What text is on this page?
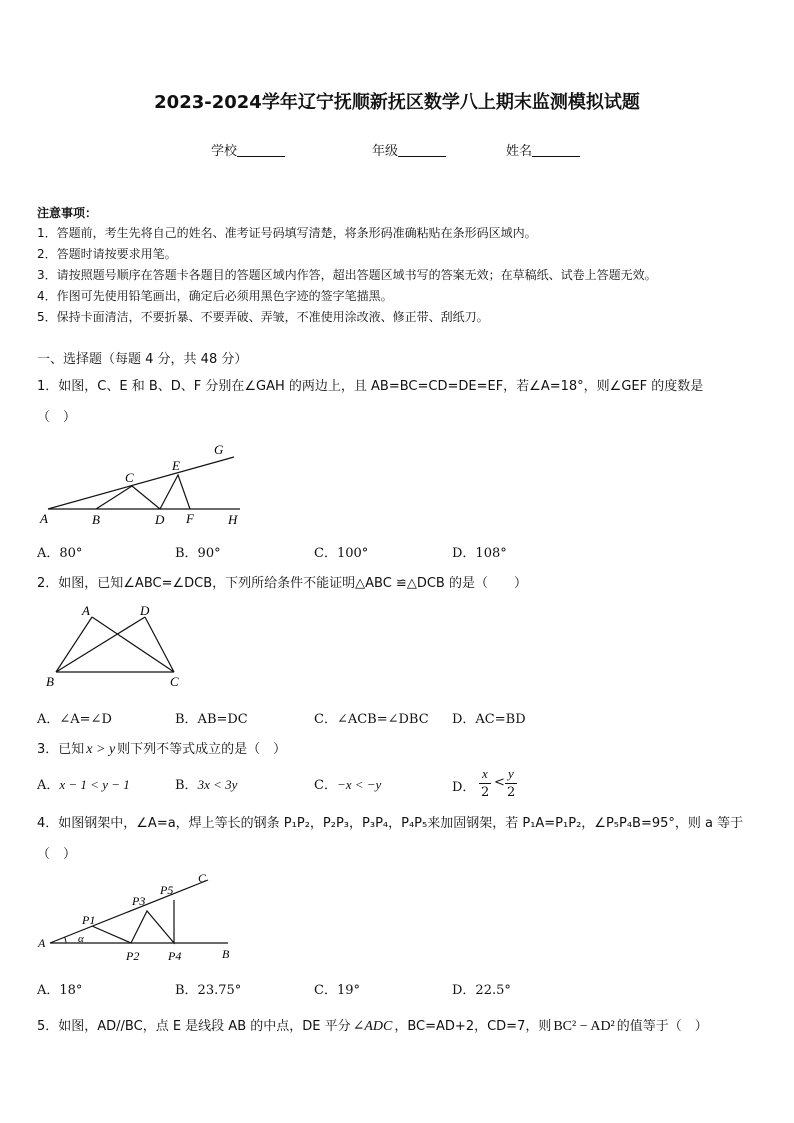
2023-2024学年辽宁抚顺新抚区数学八上期末监测模拟试题
学校	年级	姓名
注意事项：
1．答题前，考生先将自己的姓名、准考证号码填写清楚，将条形码准确粘贴在条形码区域内。
2．答题时请按要求用笔。
3．请按照题号顺序在答题卡各题目的答题区域内作答，超出答题区域书写的答案无效；在草稿纸、试卷上答题无效。
4．作图可先使用铅笔画出，确定后必须用黑色字迹的签字笔描黑。
5．保持卡面清洁，不要折暴、不要弄破、弄皱，不准使用涂改液、修正带、刮纸刀。
一、选择题（每题 4 分，共 48 分）
1．如图，C、E 和 B、D、F 分别在∠GAH 的两边上，且 AB=BC=CD=DE=EF，若∠A=18°，则∠GEF 的度数是
（　）
A	B
C
D
E
F
G
H
A．80°	B．90°	C．100°	D．108°
2．如图，已知∠ABC=∠DCB，下列所给条件不能证明△ABC ≌△DCB 的是（　　）
A	D
B	C
A．∠A=∠D	B．AB=DC	C．∠ACB=∠DBC D．AC=BD
3．已知 x > y 则下列不等式成立的是（　）
A．x − 1 < y − 1	B．3x < 3y	C．−x < −y	D．
x
2
<
y
2
4．如图钢架中，∠A=a，焊上等长的钢条 P₁P₂，P₂P₃，P₃P₄，P₄P₅来加固钢架，若 P₁A=P₁P₂，∠P₅P₄B=95°，则 a 等于
（　）
A
B
C
α
P1
P2
P3
P4
P5
A．18°	B．23.75°	C．19°	D．22.5°
5．如图，AD//BC，点 E 是线段 AB 的中点，DE 平分 ∠ADC ，BC=AD+2，CD=7，则 BC² − AD² 的值等于（　）
